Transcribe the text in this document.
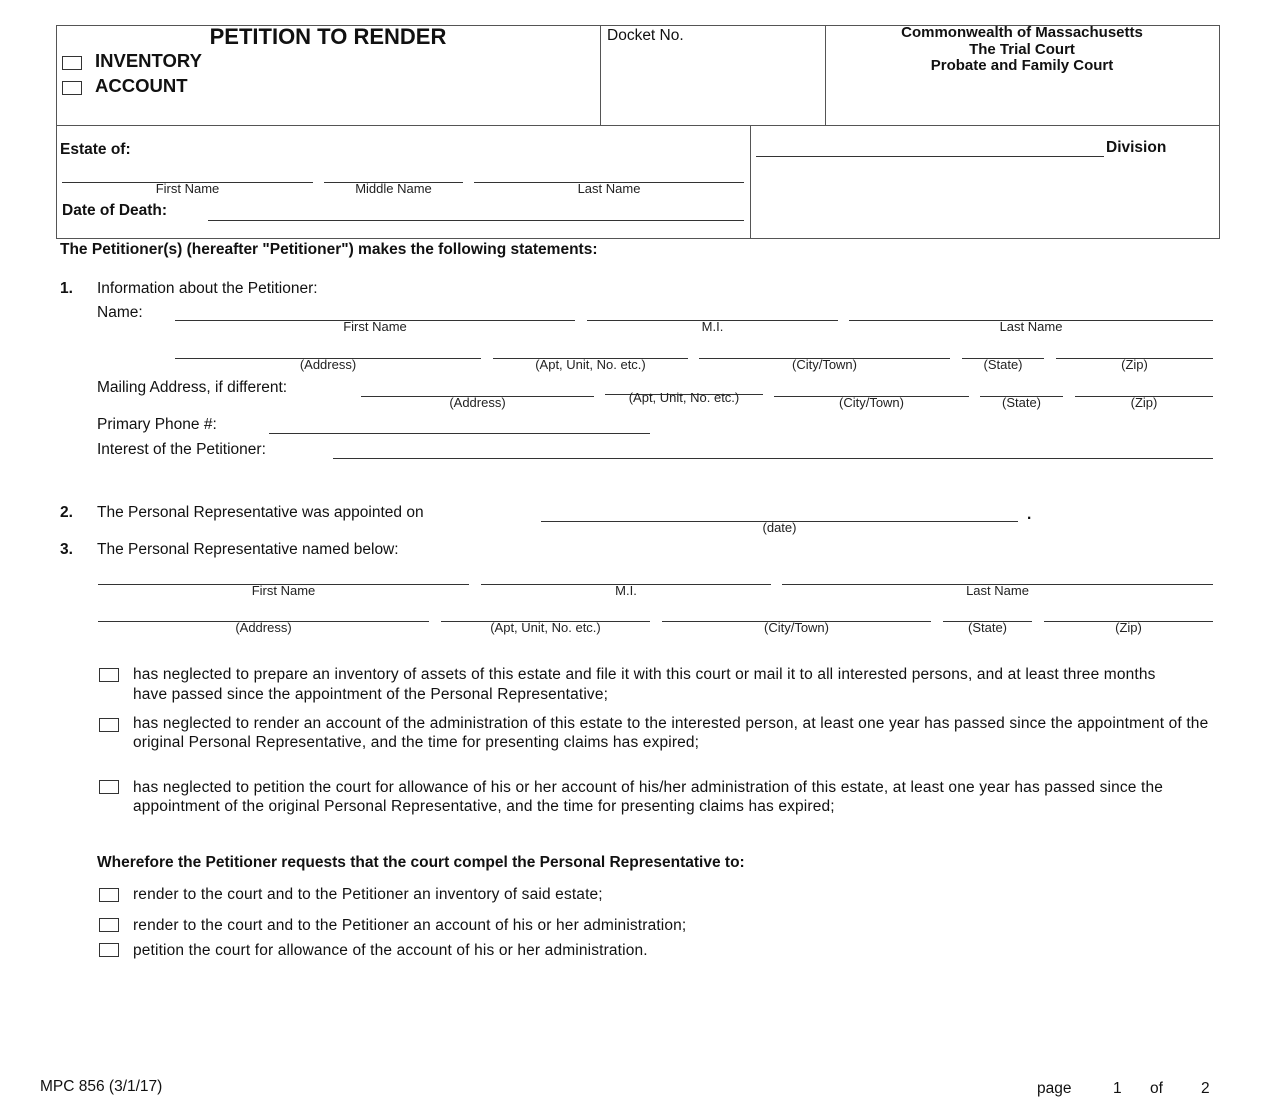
PETITION TO RENDER
INVENTORY
ACCOUNT
Docket No.	Commonwealth of Massachusetts
The Trial Court
Probate and Family Court
Estate of:
First Name	Middle Name	Last Name
Date of Death:
Division
The Petitioner(s) (hereafter "Petitioner") makes the following statements:
1. Information about the Petitioner:
Name:
First Name	M.I.	Last Name
(Address)	(Apt, Unit, No. etc.)	(City/Town)	(State)	(Zip)
Mailing Address, if different:
(Address)	(Apt, Unit, No. etc.)	(City/Town)	(State)	(Zip)
Primary Phone #:
Interest of the Petitioner:
2. The Personal Representative was appointed on
(date)
.
3. The Personal Representative named below:
First Name	M.I.	Last Name
(Address)	(Apt, Unit, No. etc.)	(City/Town)	(State)	(Zip)
has neglected to prepare an inventory of assets of this estate and file it with this court or mail it to all interested persons, and at least three months have passed since the appointment of the Personal Representative;
has neglected to render an account of the administration of this estate to the interested person, at least one year has passed since the appointment of the original Personal Representative, and the time for presenting claims has expired;
has neglected to petition the court for allowance of his or her account of his/her administration of this estate, at least one year has passed since the appointment of the original Personal Representative, and the time for presenting claims has expired;
Wherefore the Petitioner requests that the court compel the Personal Representative to:
render to the court and to the Petitioner an inventory of said estate;
render to the court and to the Petitioner an account of his or her administration;
petition the court for allowance of the account of his or her administration.
MPC 856 (3/1/17)	page	1 of 2
